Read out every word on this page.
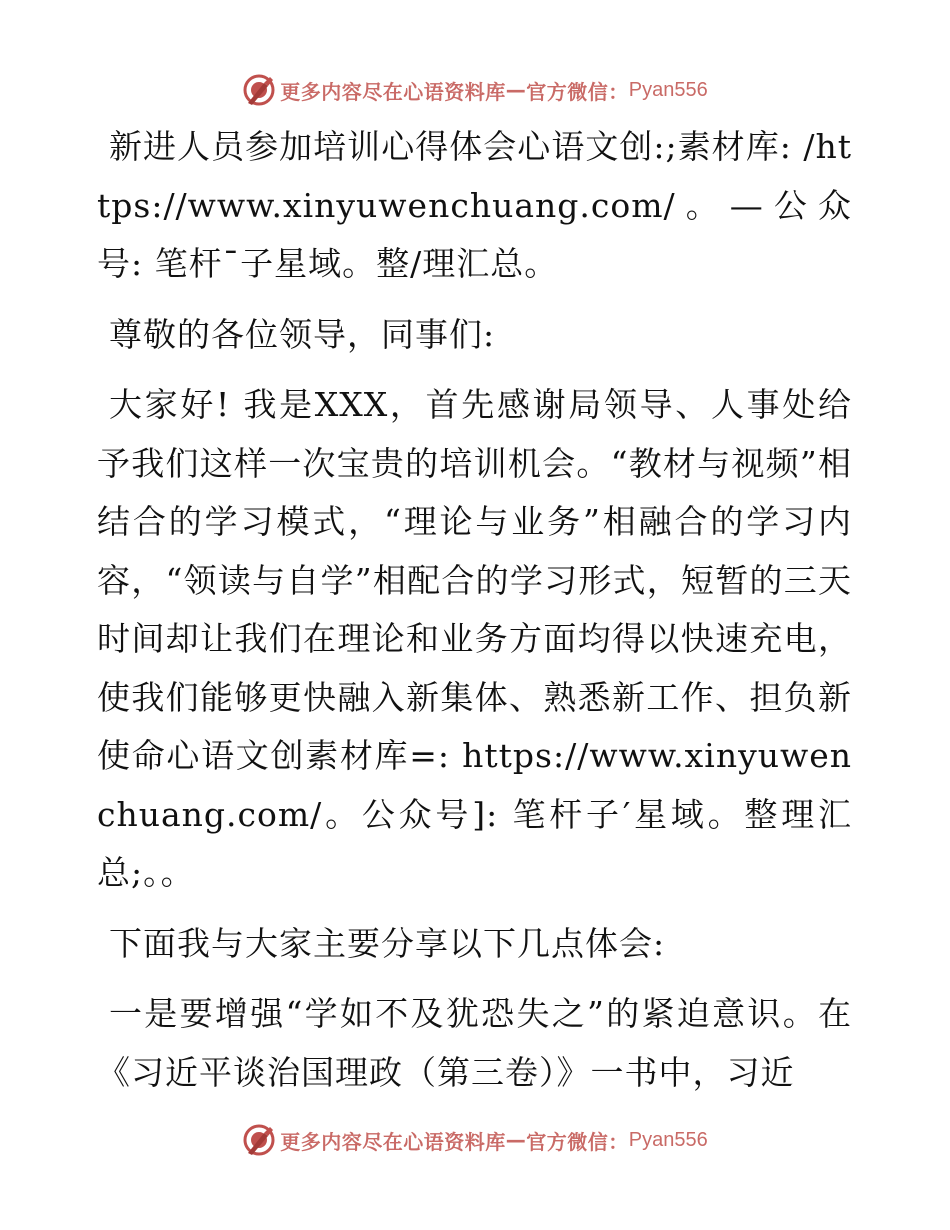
更多内容尽在心语资料库 — 官方微信： Pyan556

新进人员参加培训心得体会心语文创:;素材库: /https://www.xinyuwenchuang.com/。—公众号: 笔杆¯子星域。整/理汇总。

尊敬的各位领导，同事们:

大家好! 我是XXX，首先感谢局领导、人事处给予我们这样一次宝贵的培训机会。“教材与视频”相结合的学习模式，“理论与业务”相融合的学习内容，“领读与自学”相配合的学习形式，短暂的三天时间却让我们在理论和业务方面均得以快速充电，使我们能够更快融入新集体、熟悉新工作、担负新使命心语文创素材库=: https://www.xinyuwenchuang.com/。公众号]: 笔杆子′星域。整理汇总;。。

下面我与大家主要分享以下几点体会:

一是要增强“学如不及犹恐失之”的紧迫意识。在《习近平谈治国理政（第三卷）》一书中，习近

更多内容尽在心语资料库 — 官方微信： Pyan556
